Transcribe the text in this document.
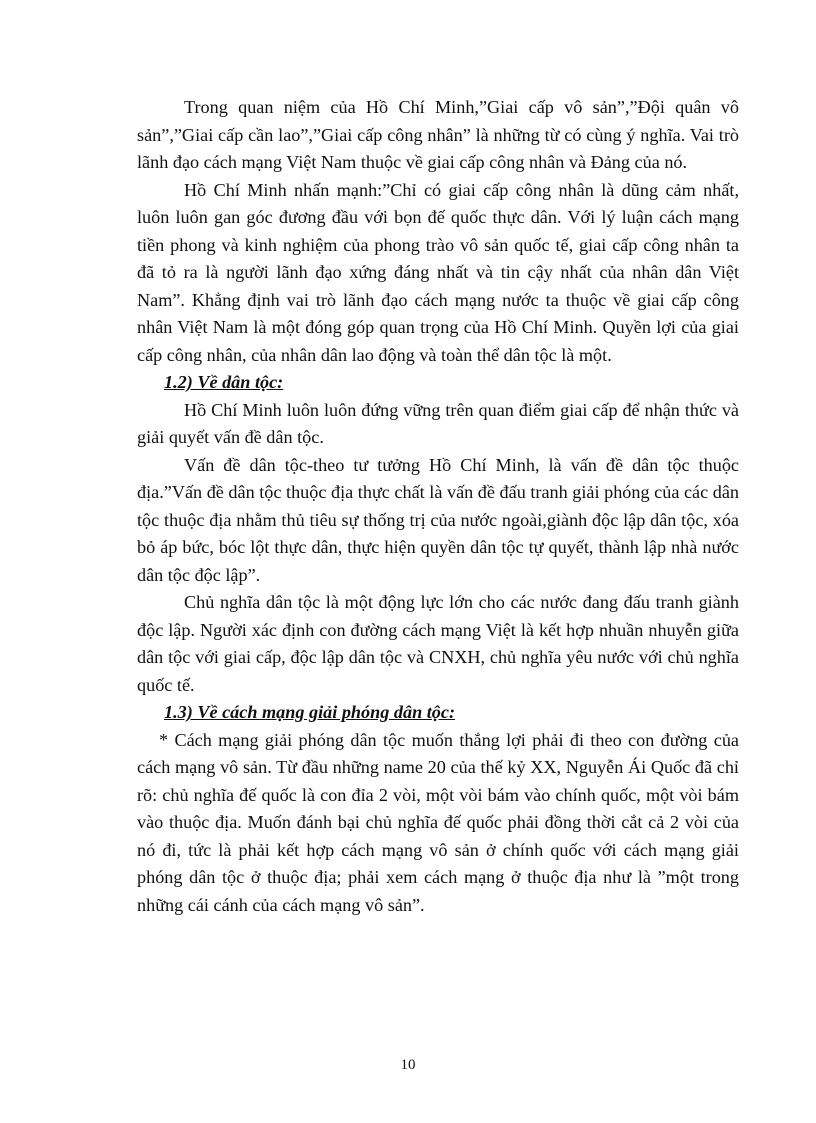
Trong quan niệm của Hồ Chí Minh,”Giai cấp vô sản”,”Đội quân vô sản”,”Giai cấp cần lao”,”Giai cấp công nhân” là những từ có cùng ý nghĩa. Vai trò lãnh đạo cách mạng Việt Nam thuộc về giai cấp công nhân và Đảng của nó.

Hồ Chí Minh nhấn mạnh:”Chỉ có giai cấp công nhân là dũng cảm nhất, luôn luôn gan góc đương đầu với bọn đế quốc thực dân. Với lý luận cách mạng tiền phong và kinh nghiệm của phong trào vô sản quốc tế, giai cấp công nhân ta đã tỏ ra là người lãnh đạo xứng đáng nhất và tin cậy nhất của nhân dân Việt Nam”. Khẳng định vai trò lãnh đạo cách mạng nước ta thuộc về giai cấp công nhân Việt Nam là một đóng góp quan trọng của Hồ Chí Minh. Quyền lợi của giai cấp công nhân, của nhân dân lao động và toàn thể dân tộc là một.

1.2) Về dân tộc:

Hồ Chí Minh luôn luôn đứng vững trên quan điểm giai cấp để nhận thức và giải quyết vấn đề dân tộc.

Vấn đề dân tộc-theo tư tưởng Hồ Chí Minh, là vấn đề dân tộc thuộc địa.”Vấn đề dân tộc thuộc địa thực chất là vấn đề đấu tranh giải phóng của các dân tộc thuộc địa nhằm thủ tiêu sự thống trị của nước ngoài,giành độc lập dân tộc, xóa bỏ áp bức, bóc lột thực dân, thực hiện quyền dân tộc tự quyết, thành lập nhà nước dân tộc độc lập”.

Chủ nghĩa dân tộc là một động lực lớn cho các nước đang đấu tranh giành độc lập. Người xác định con đường cách mạng Việt là kết hợp nhuần nhuyễn giữa dân tộc với giai cấp, độc lập dân tộc và CNXH, chủ nghĩa yêu nước với chủ nghĩa quốc tế.

1.3) Về cách mạng giải phóng dân tộc:

* Cách mạng giải phóng dân tộc muốn thắng lợi phải đi theo con đường của cách mạng vô sản. Từ đầu những name 20 của thế kỷ XX, Nguyễn Ái Quốc đã chỉ rõ: chủ nghĩa đế quốc là con đỉa 2 vòi, một vòi bám vào chính quốc, một vòi bám vào thuộc địa. Muốn đánh bại chủ nghĩa đế quốc phải đồng thời cắt cả 2 vòi của nó đi, tức là phải kết hợp cách mạng vô sản ở chính quốc với cách mạng giải phóng dân tộc ở thuộc địa; phải xem cách mạng ở thuộc địa như là ”một trong những cái cánh của cách mạng vô sản”.

10
